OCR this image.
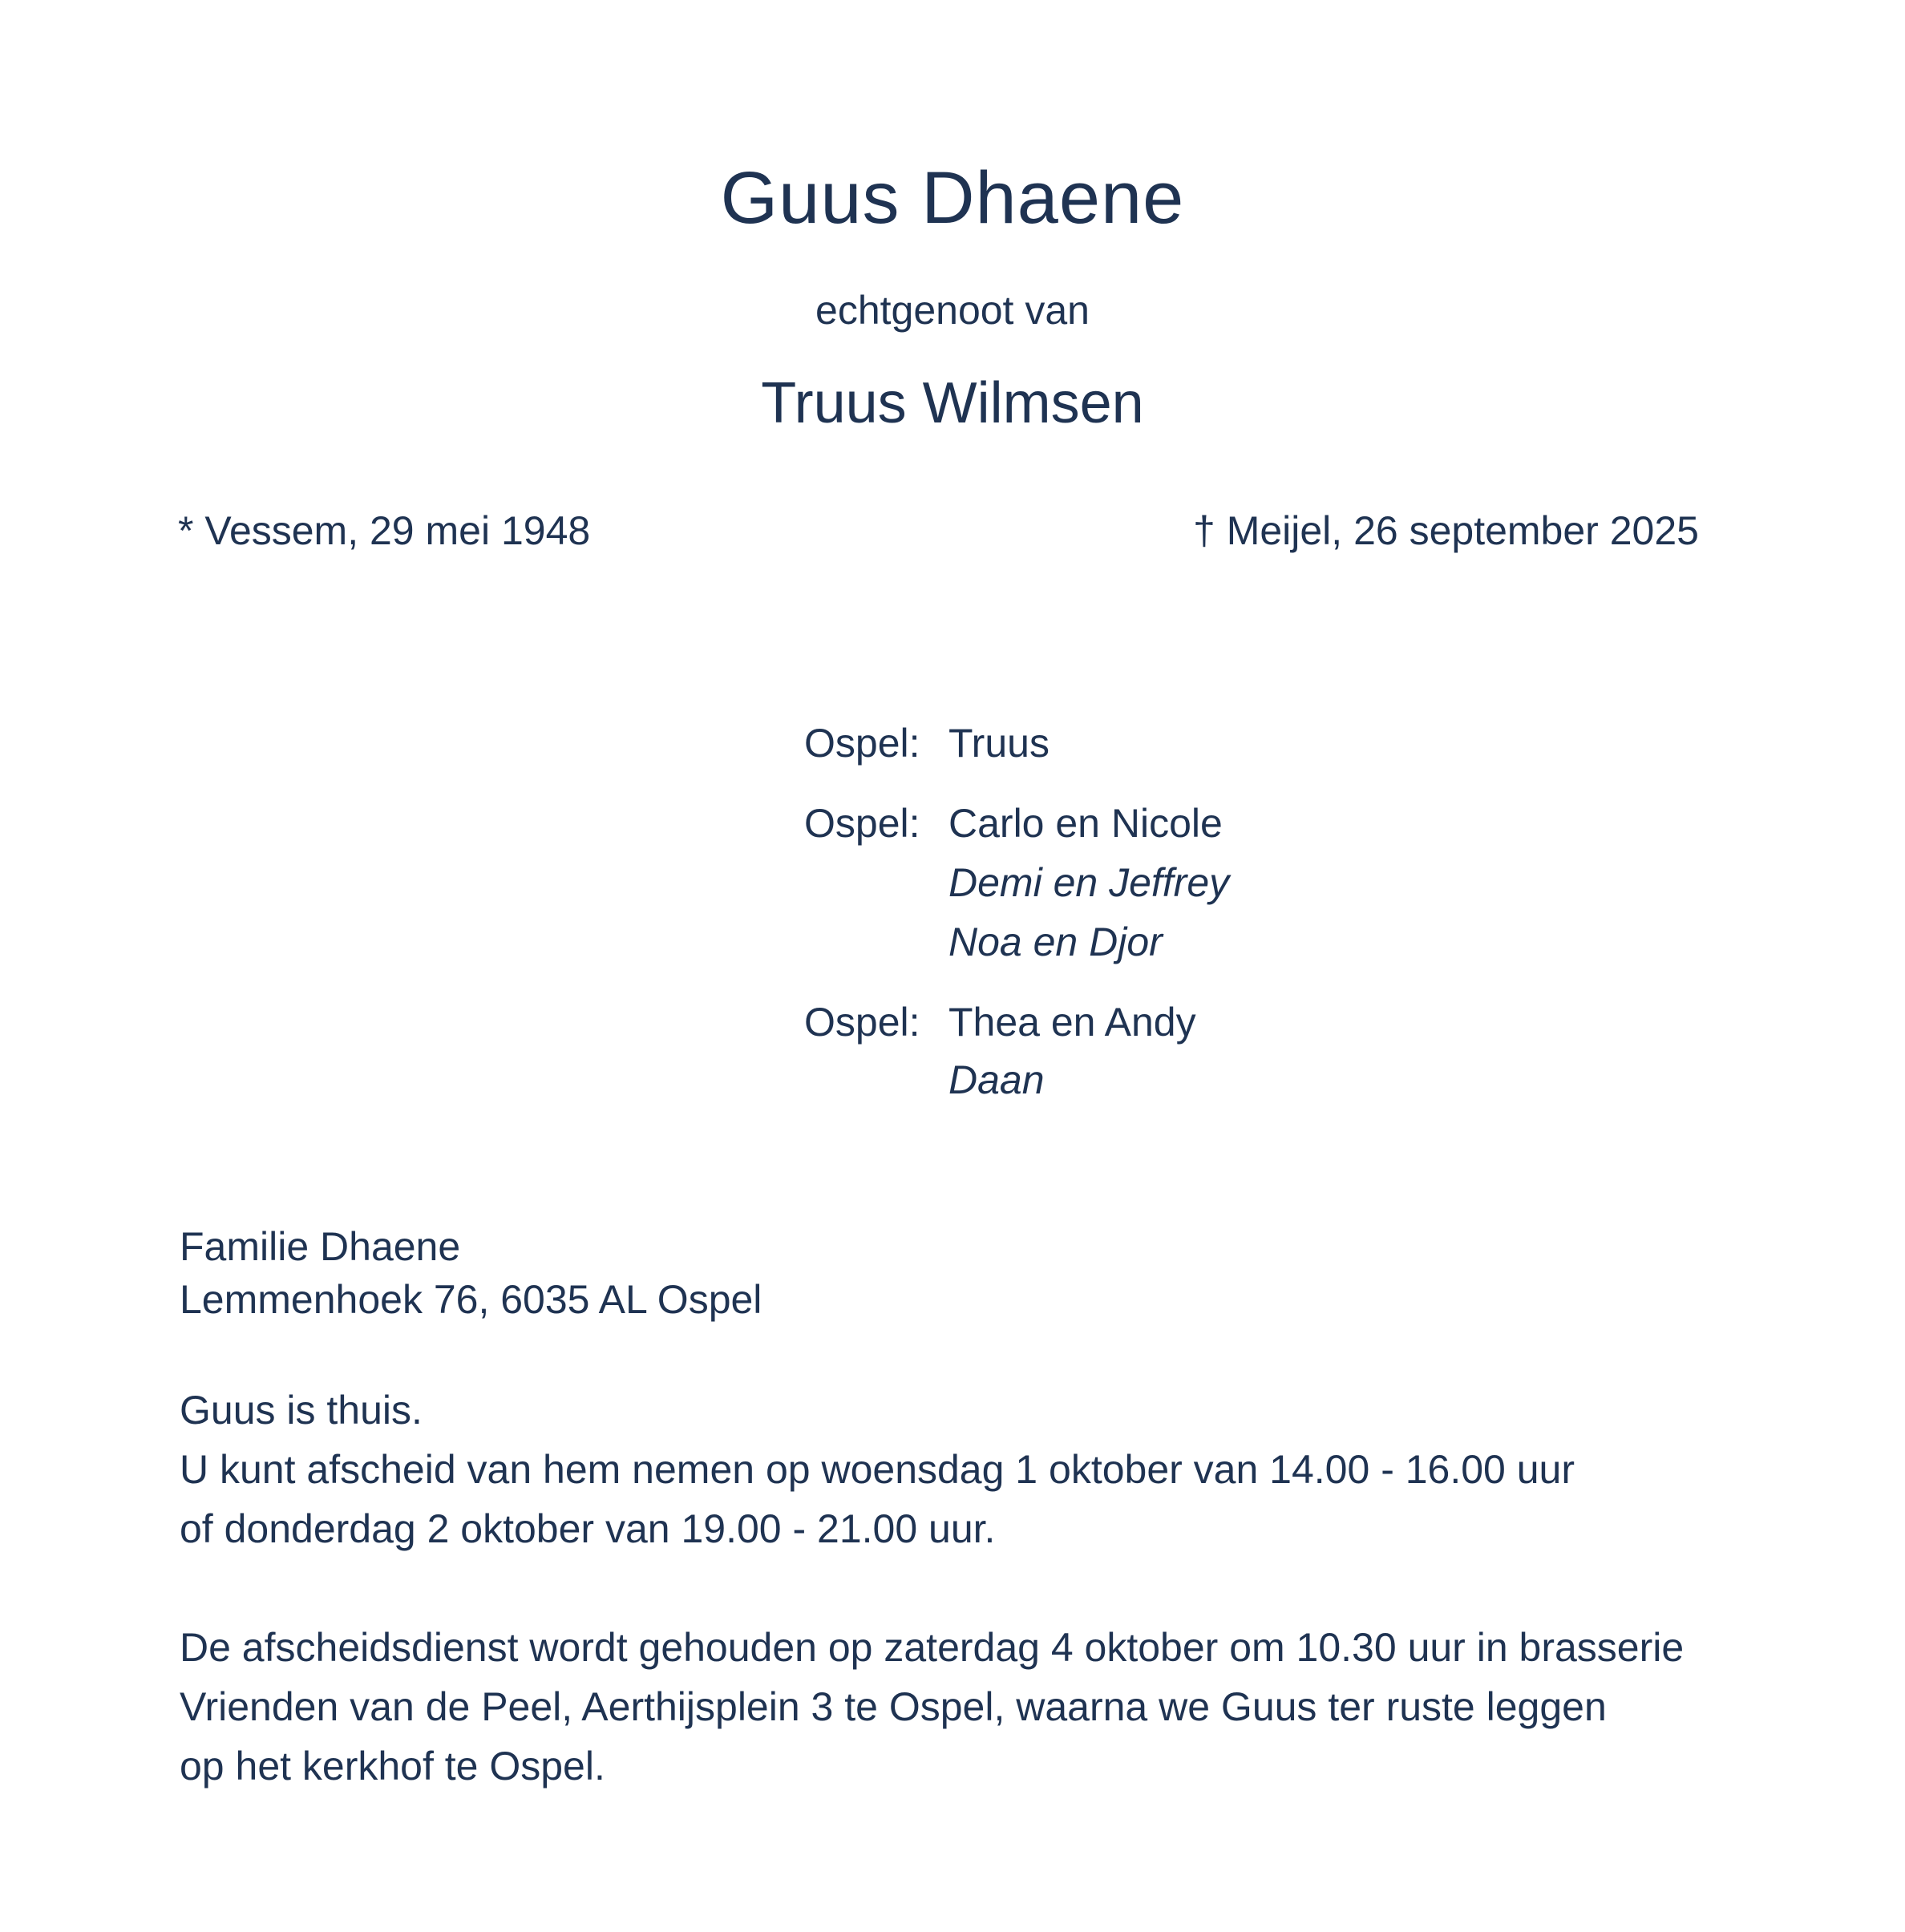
Guus Dhaene
echtgenoot van
Truus Wilmsen
* Vessem, 29 mei 1948	† Meijel, 26 september 2025
Ospel: Truus
Ospel: Carlo en Nicole
Demi en Jeffrey
Noa en Djor
Ospel: Thea en Andy
Daan
Familie Dhaene
Lemmenhoek 76, 6035 AL Ospel
Guus is thuis.
U kunt afscheid van hem nemen op woensdag 1 oktober van 14.00 - 16.00 uur
of donderdag 2 oktober van 19.00 - 21.00 uur.
De afscheidsdienst wordt gehouden op zaterdag 4 oktober om 10.30 uur in brasserie
Vrienden van de Peel, Aerthijsplein 3 te Ospel, waarna we Guus ter ruste leggen
op het kerkhof te Ospel.
